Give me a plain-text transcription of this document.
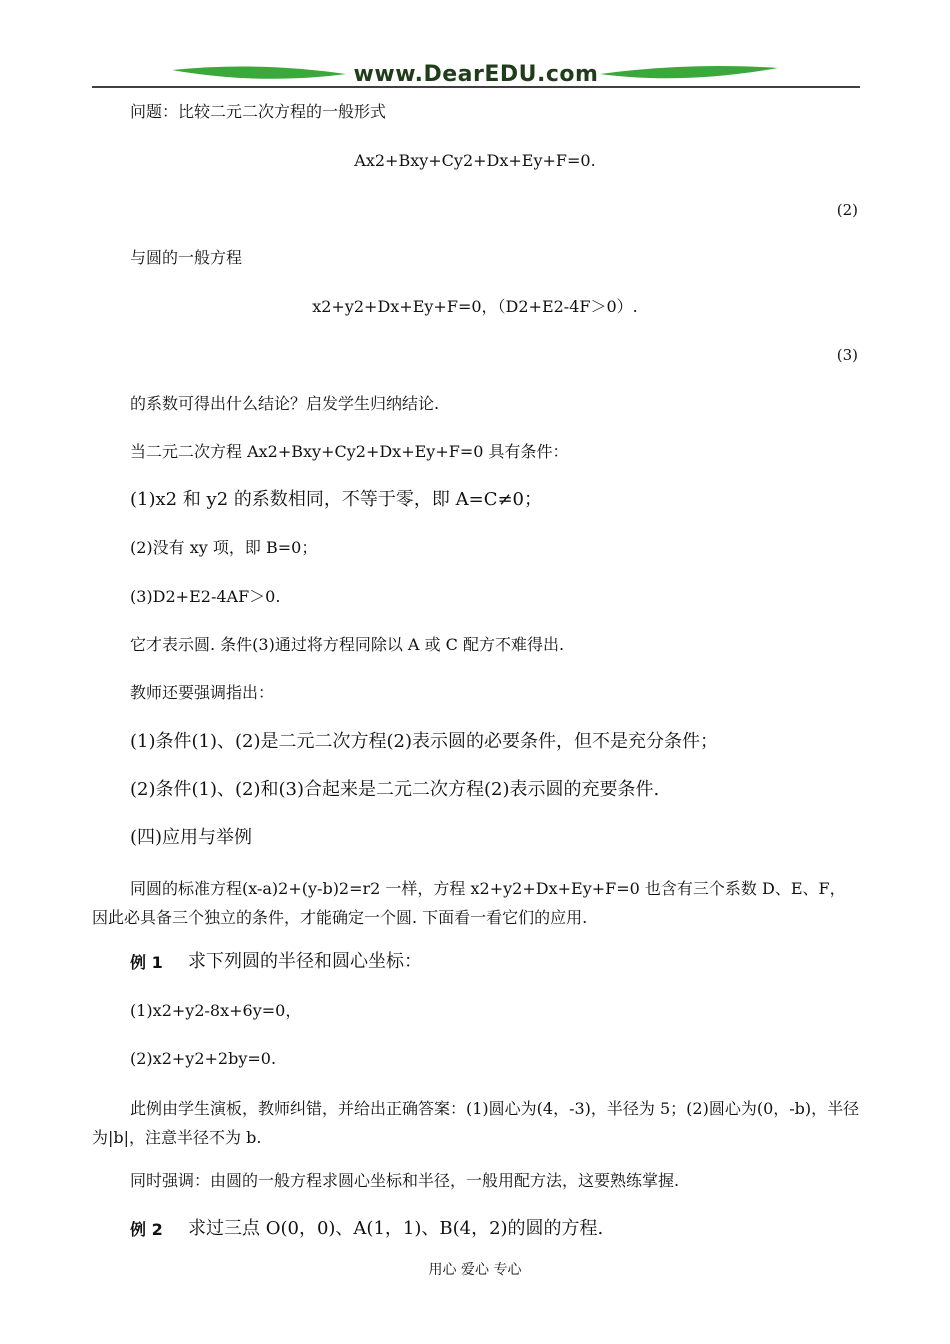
www.DearEDU.com
问题：比较二元二次方程的一般形式
Ax2+Bxy+Cy2+Dx+Ey+F=0.
(2)
与圆的一般方程
x2+y2+Dx+Ey+F=0，（D2+E2-4F＞0）.
(3)
的系数可得出什么结论？启发学生归纳结论.
当二元二次方程 Ax2+Bxy+Cy2+Dx+Ey+F=0 具有条件：
(1)x2 和 y2 的系数相同，不等于零，即 A=C≠0；
(2)没有 xy 项，即 B=0；
(3)D2+E2-4AF＞0.
它才表示圆. 条件(3)通过将方程同除以 A 或 C 配方不难得出.
教师还要强调指出：
(1)条件(1)、(2)是二元二次方程(2)表示圆的必要条件，但不是充分条件；
(2)条件(1)、(2)和(3)合起来是二元二次方程(2)表示圆的充要条件.
(四)应用与举例
同圆的标准方程(x-a)2+(y-b)2=r2 一样，方程 x2+y2+Dx+Ey+F=0 也含有三个系数 D、E、F，因此必具备三个独立的条件，才能确定一个圆. 下面看一看它们的应用.
例 1 求下列圆的半径和圆心坐标：
(1)x2+y2-8x+6y=0，
(2)x2+y2+2by=0.
此例由学生演板，教师纠错，并给出正确答案：(1)圆心为(4，-3)，半径为 5；(2)圆心为(0，-b)，半径为|b|，注意半径不为 b.
同时强调：由圆的一般方程求圆心坐标和半径，一般用配方法，这要熟练掌握.
例 2 求过三点 O(0，0)、A(1，1)、B(4，2)的圆的方程.
用心 爱心 专心
